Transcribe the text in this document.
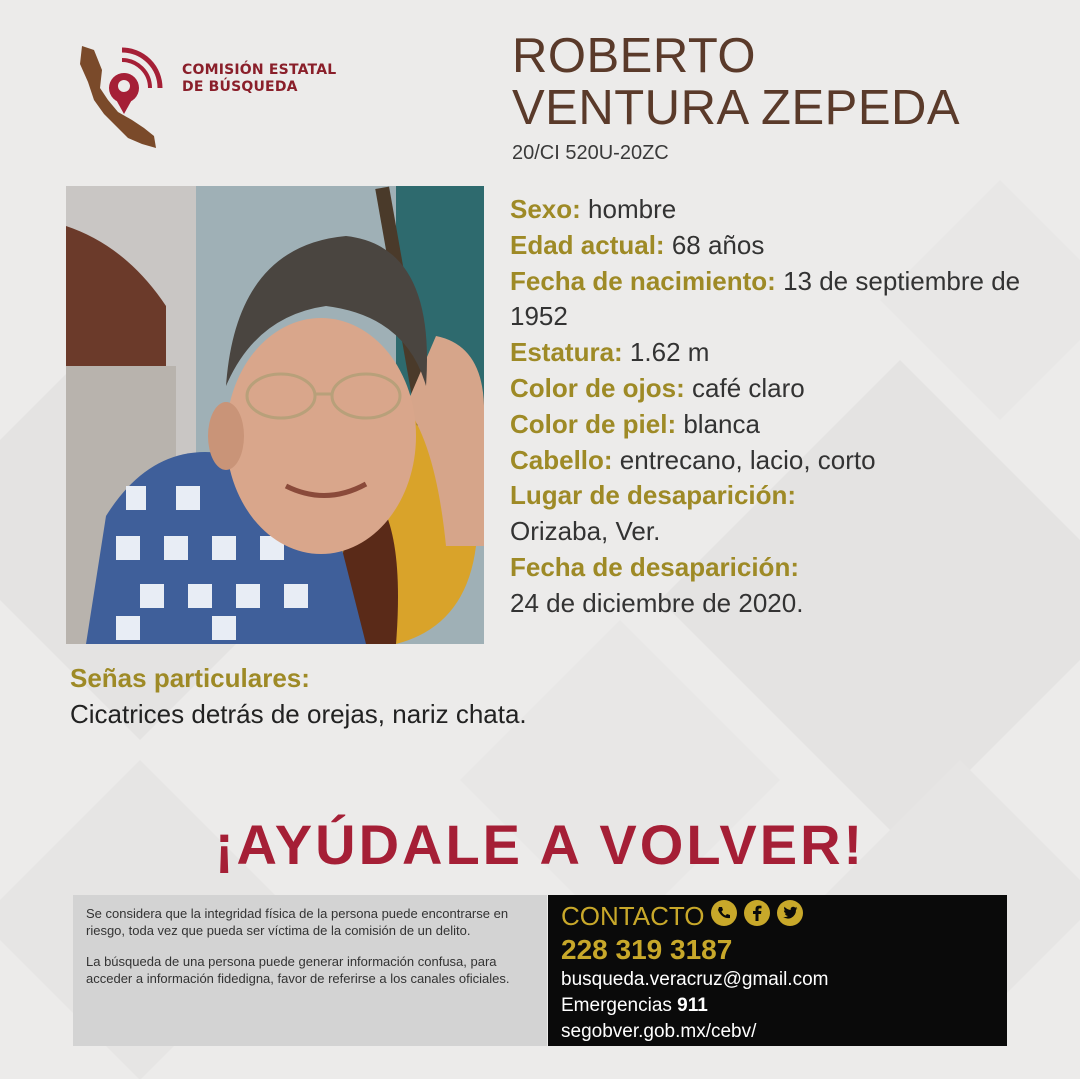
COMISIÓN ESTATAL
DE BÚSQUEDA
ROBERTO
VENTURA ZEPEDA
20/CI 520U-20ZC
Sexo: hombre
Edad actual: 68 años
Fecha de nacimiento: 13 de septiembre de 1952
Estatura: 1.62 m
Color de ojos: café claro
Color de piel: blanca
Cabello: entrecano, lacio, corto
Lugar de desaparición:
Orizaba, Ver.
Fecha de desaparición:
24 de diciembre de 2020.
Señas particulares:
Cicatrices detrás de orejas, nariz chata.
¡AYÚDALE A VOLVER!

Se considera que la integridad física de la persona puede encontrarse en riesgo, toda vez que pueda ser víctima de la comisión de un delito.

La búsqueda de una persona puede generar información confusa, para acceder a información fidedigna, favor de referirse a los canales oficiales.

CONTACTO
228 319 3187
busqueda.veracruz@gmail.com
Emergencias 911
segobver.gob.mx/cebv/
